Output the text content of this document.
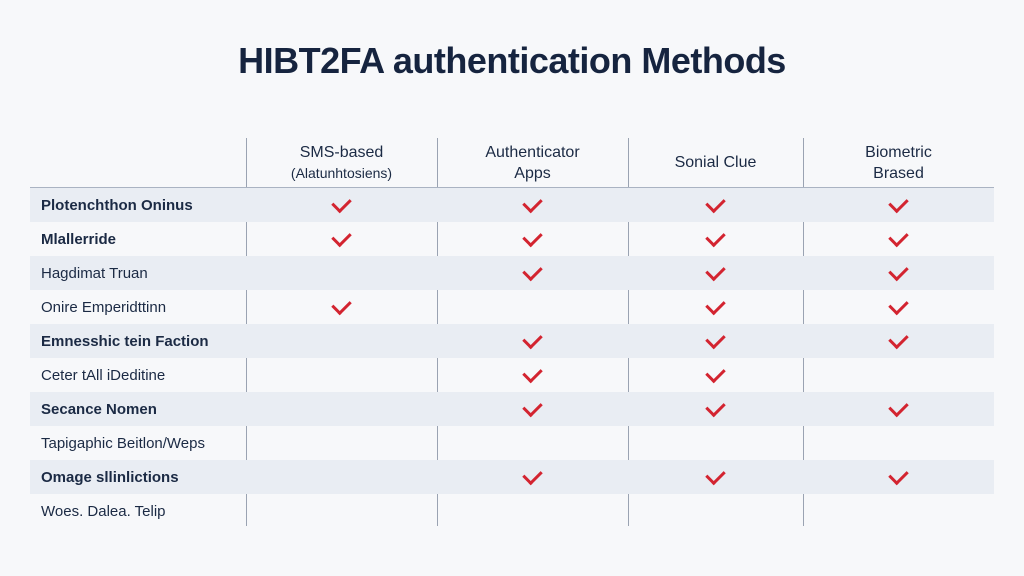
HIBT2FA authentication Methods
SMS-based
(Alatunhtosiens)
Authenticator
Apps
Sonial Clue
Biometric
Brased
Plotenchthon Oninus
Mlallerride
Hagdimat Truan
Onire Emperidttinn
Emnesshic tein Faction
Ceter tAll iDeditine
Secance Nomen
Tapigaphic Beitlon/Weps
Omage sllinlictions
Woes. Dalea. Telip
